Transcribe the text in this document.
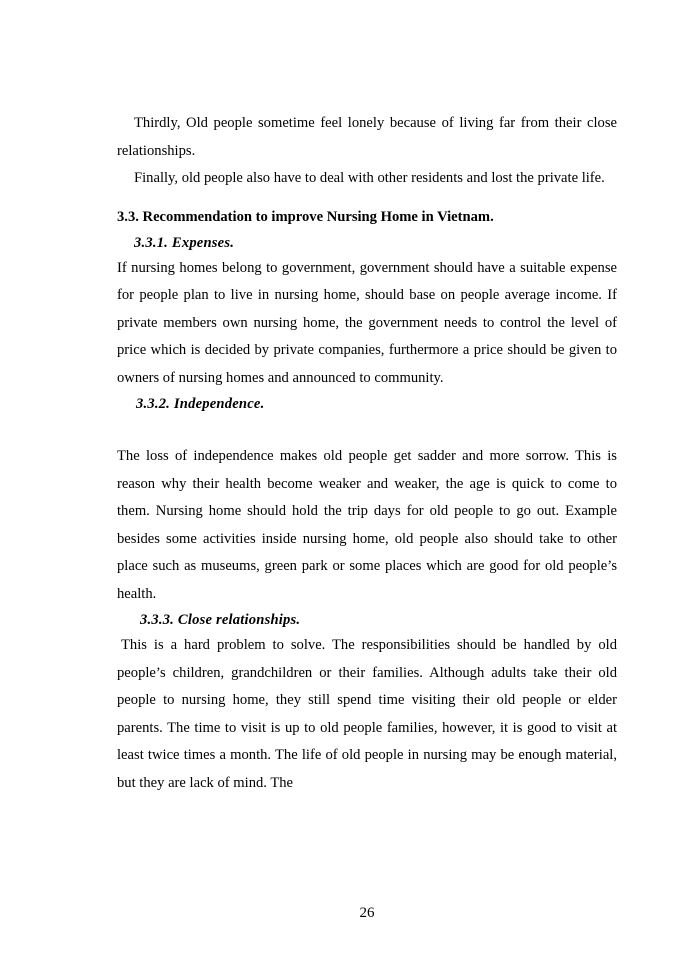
Thirdly, Old people sometime feel lonely because of living far from their close relationships.

Finally, old people also have to deal with other residents and lost the private life.

3.3. Recommendation to improve Nursing Home in Vietnam.

3.3.1. Expenses.

If nursing homes belong to government, government should have a suitable expense for people plan to live in nursing home, should base on people average income. If private members own nursing home, the government needs to control the level of price which is decided by private companies, furthermore a price should be given to owners of nursing homes and announced to community.

3.3.2. Independence.

The loss of independence makes old people get sadder and more sorrow. This is reason why their health become weaker and weaker, the age is quick to come to them. Nursing home should hold the trip days for old people to go out. Example besides some activities inside nursing home, old people also should take to other place such as museums, green park or some places which are good for old people’s health.

3.3.3. Close relationships.

This is a hard problem to solve. The responsibilities should be handled by old people’s children, grandchildren or their families. Although adults take their old people to nursing home, they still spend time visiting their old people or elder parents. The time to visit is up to old people families, however, it is good to visit at least twice times a month. The life of old people in nursing may be enough material, but they are lack of mind. The

26
